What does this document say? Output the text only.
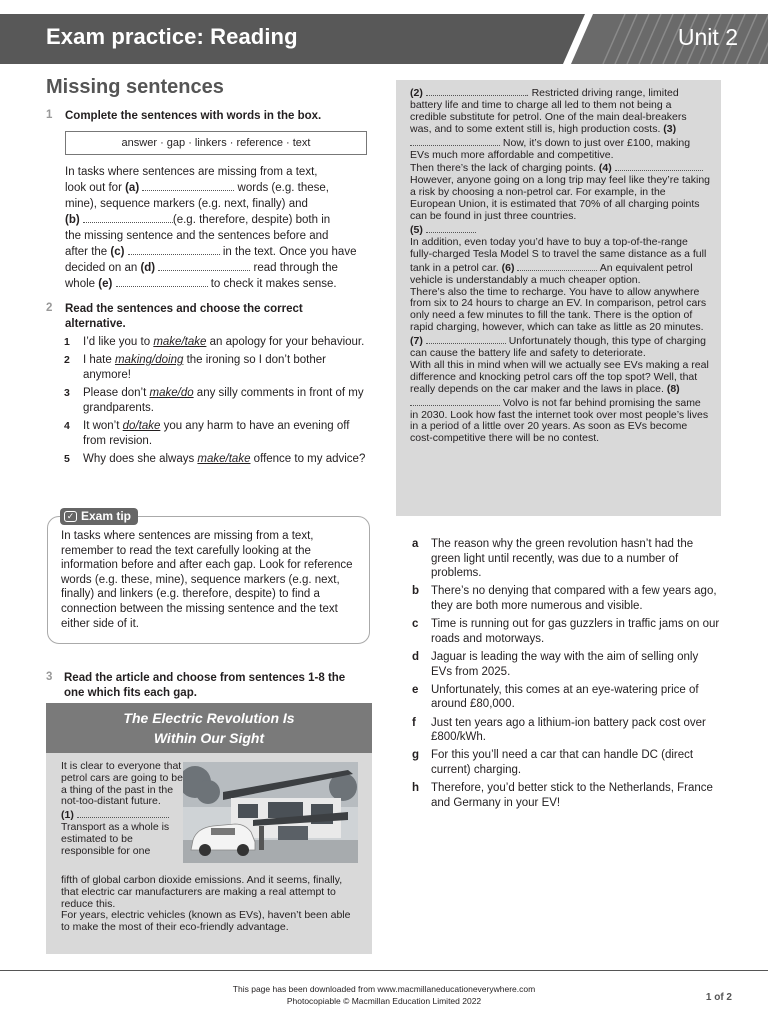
Exam practice: Reading	Unit 2
Missing sentences
1 Complete the sentences with words in the box.
answer · gap · linkers · reference · text
In tasks where sentences are missing from a text,
look out for (a)	words (e.g. these,
mine), sequence markers (e.g. next, finally) and
(b)	(e.g. therefore, despite) both in
the missing sentence and the sentences before and
after the (c)	in the text. Once you have
decided on an (d)	read through the
whole (e)	to check it makes sense.
2 Read the sentences and choose the correct alternative.
1 I’d like you to make/take an apology for your behaviour.
2 I hate making/doing the ironing so I don’t bother anymore!
3 Please don’t make/do any silly comments in front of my grandparents.
4 It won’t do/take you any harm to have an evening off from revision.
5 Why does she always make/take offence to my advice?
✓ Exam tip
In tasks where sentences are missing from a text, remember to read the text carefully looking at the information before and after each gap. Look for reference words (e.g. these, mine), sequence markers (e.g. next, finally) and linkers (e.g. therefore, despite) to find a connection between the missing sentence and the text either side of it.
3 Read the article and choose from sentences 1-8 the one which fits each gap.
The Electric Revolution Is
Within Our Sight
It is clear to everyone that petrol cars are going to be a thing of the past in the not-too-distant future.
(1)
Transport as a whole is estimated to be responsible for one
fifth of global carbon dioxide emissions. And it seems, finally, that electric car manufacturers are making a real attempt to reduce this.
For years, electric vehicles (known as EVs), haven’t been able to make the most of their eco-friendly advantage.
(2)	. Restricted driving range, limited battery life and time to charge all led to them not being a credible substitute for petrol. One of the main deal-breakers was, and to some extent still is, high production costs. (3)  Now, it’s down to just over £100, making EVs much more affordable and competitive.
Then there’s the lack of charging points. (4)  However, anyone going on a long trip may feel like they’re taking a risk by choosing a non-petrol car. For example, in the European Union, it is estimated that 70% of all charging points can be found in just three countries.
(5)
In addition, even today you’d have to buy a top-of-the-range fully-charged Tesla Model S to travel the same distance as a full tank in a petrol car. (6)	An equivalent petrol vehicle is understandably a much cheaper option.
There’s also the time to recharge. You have to allow anywhere from six to 24 hours to charge an EV. In comparison, petrol cars only need a few minutes to fill the tank. There is the option of rapid charging, however, which can take as little as 20 minutes. (7)	Unfortunately though, this type of charging can cause the battery life and safety to deteriorate.
With all this in mind when will we actually see EVs making a real difference and knocking petrol cars off the top spot? Well, that really depends on the car maker and the laws in place. (8)  Volvo is not far behind promising the same in 2030. Look how fast the internet took over most people’s lives in a period of a little over 20 years. As soon as EVs become cost-competitive there will be no contest.
a The reason why the green revolution hasn’t had the green light until recently, was due to a number of problems.
b There’s no denying that compared with a few years ago, they are both more numerous and visible.
c Time is running out for gas guzzlers in traffic jams on our roads and motorways.
d Jaguar is leading the way with the aim of selling only EVs from 2025.
e Unfortunately, this comes at an eye-watering price of around £80,000.
f Just ten years ago a lithium-ion battery pack cost over £800/kWh.
g For this you’ll need a car that can handle DC (direct current) charging.
h Therefore, you’d better stick to the Netherlands, France and Germany in your EV!
This page has been downloaded from www.macmillaneducationeverywhere.com
Photocopiable © Macmillan Education Limited 2022	1 of 2
